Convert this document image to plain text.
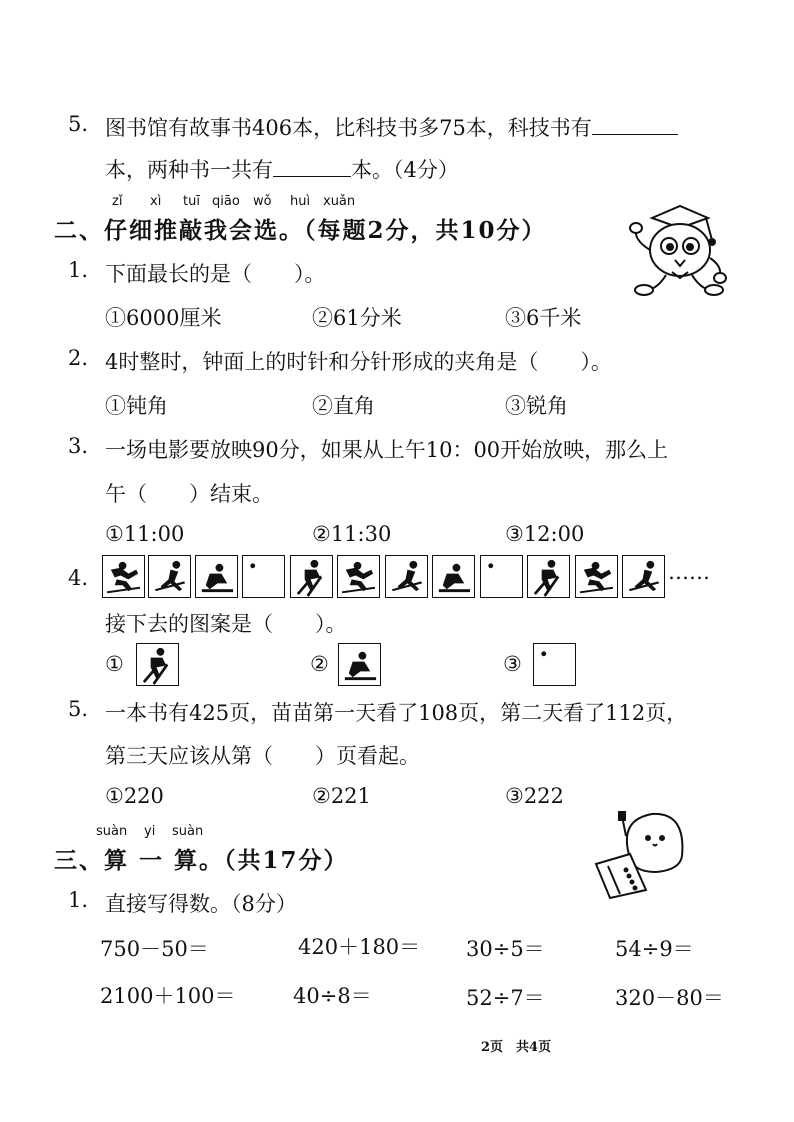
5. 图书馆有故事书406本，比科技书多75本，科技书有
本，两种书一共有	本。（4分）
zǐ xì tuī qiāo wǒ huì xuǎn
二、仔细推敲我会选。（每题2分，共10分）
1. 下面最长的是（　　）。
①6000厘米	②61分米	③6千米
2. 4时整时，钟面上的时针和分针形成的夹角是（　　）。
①钝角	②直角	③锐角
3. 一场电影要放映90分，如果从上午10：00开始放映，那么上
午（　　）结束。
①11:00	②11:30	③12:00
4.	……
接下去的图案是（　　）。
①	②	③
5. 一本书有425页，苗苗第一天看了108页，第二天看了112页，
第三天应该从第（　　）页看起。
①220	②221	③222
suàn yi suàn
三、算 一 算。（共17分）
1. 直接写得数。（8分）
750－50＝	420＋180＝ 30÷5＝	54÷9＝
2100＋100＝	40÷8＝	52÷7＝	320－80＝
2页　共4页
